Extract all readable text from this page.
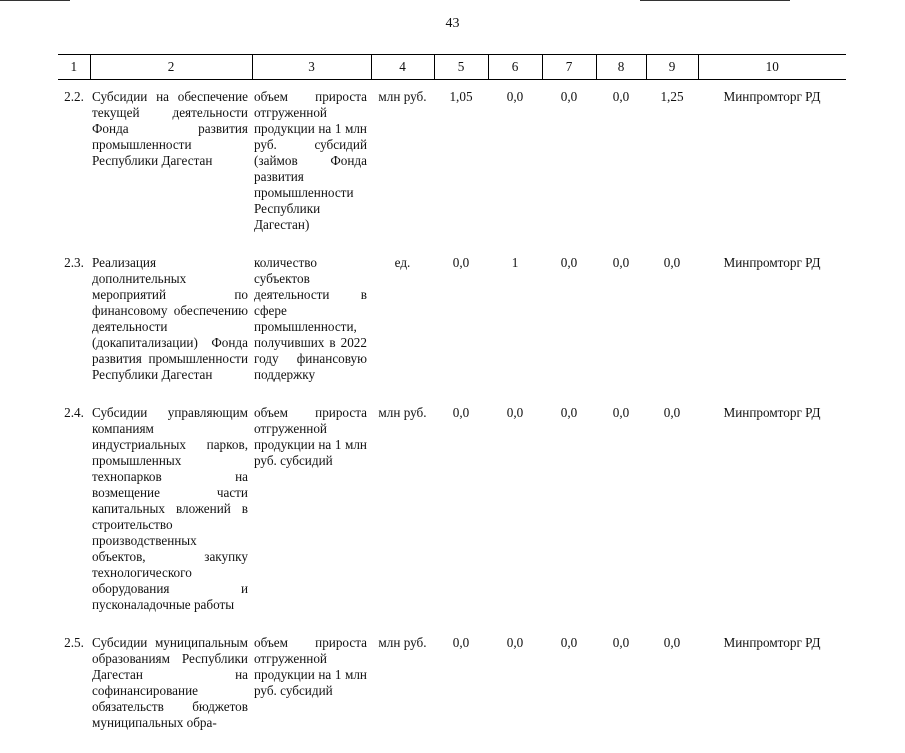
43
1	2	3	4	5	6	7	8	9	10
2.2.	Субсидии на обеспечение текущей деятельности Фонда развития промышленности Республики Дагестан	объем прироста отгруженной продукции на 1 млн руб. субсидий (займов Фонда развития промышленности Республики Дагестан)	млн руб.	1,05	0,0	0,0	0,0	1,25	Минпромторг РД
2.3.	Реализация дополнительных мероприятий по финансовому обеспечению деятельности (докапитализации) Фонда развития промышленности Республики Дагестан	количество субъектов деятельности в сфере промышленности, получивших в 2022 году финансовую поддержку	ед.	0,0	1	0,0	0,0	0,0	Минпромторг РД
2.4.	Субсидии управляющим компаниям индустриальных парков, промышленных технопарков на возмещение части капитальных вложений в строительство производственных объектов, закупку технологического оборудования и пусконаладочные работы	объем прироста отгруженной продукции на 1 млн руб. субсидий	млн руб.	0,0	0,0	0,0	0,0	0,0	Минпромторг РД
2.5.	Субсидии муниципальным образованиям Республики Дагестан на софинансирование обязательств бюджетов муниципальных обра-	объем прироста отгруженной продукции на 1 млн руб. субсидий	млн руб.	0,0	0,0	0,0	0,0	0,0	Минпромторг РД
